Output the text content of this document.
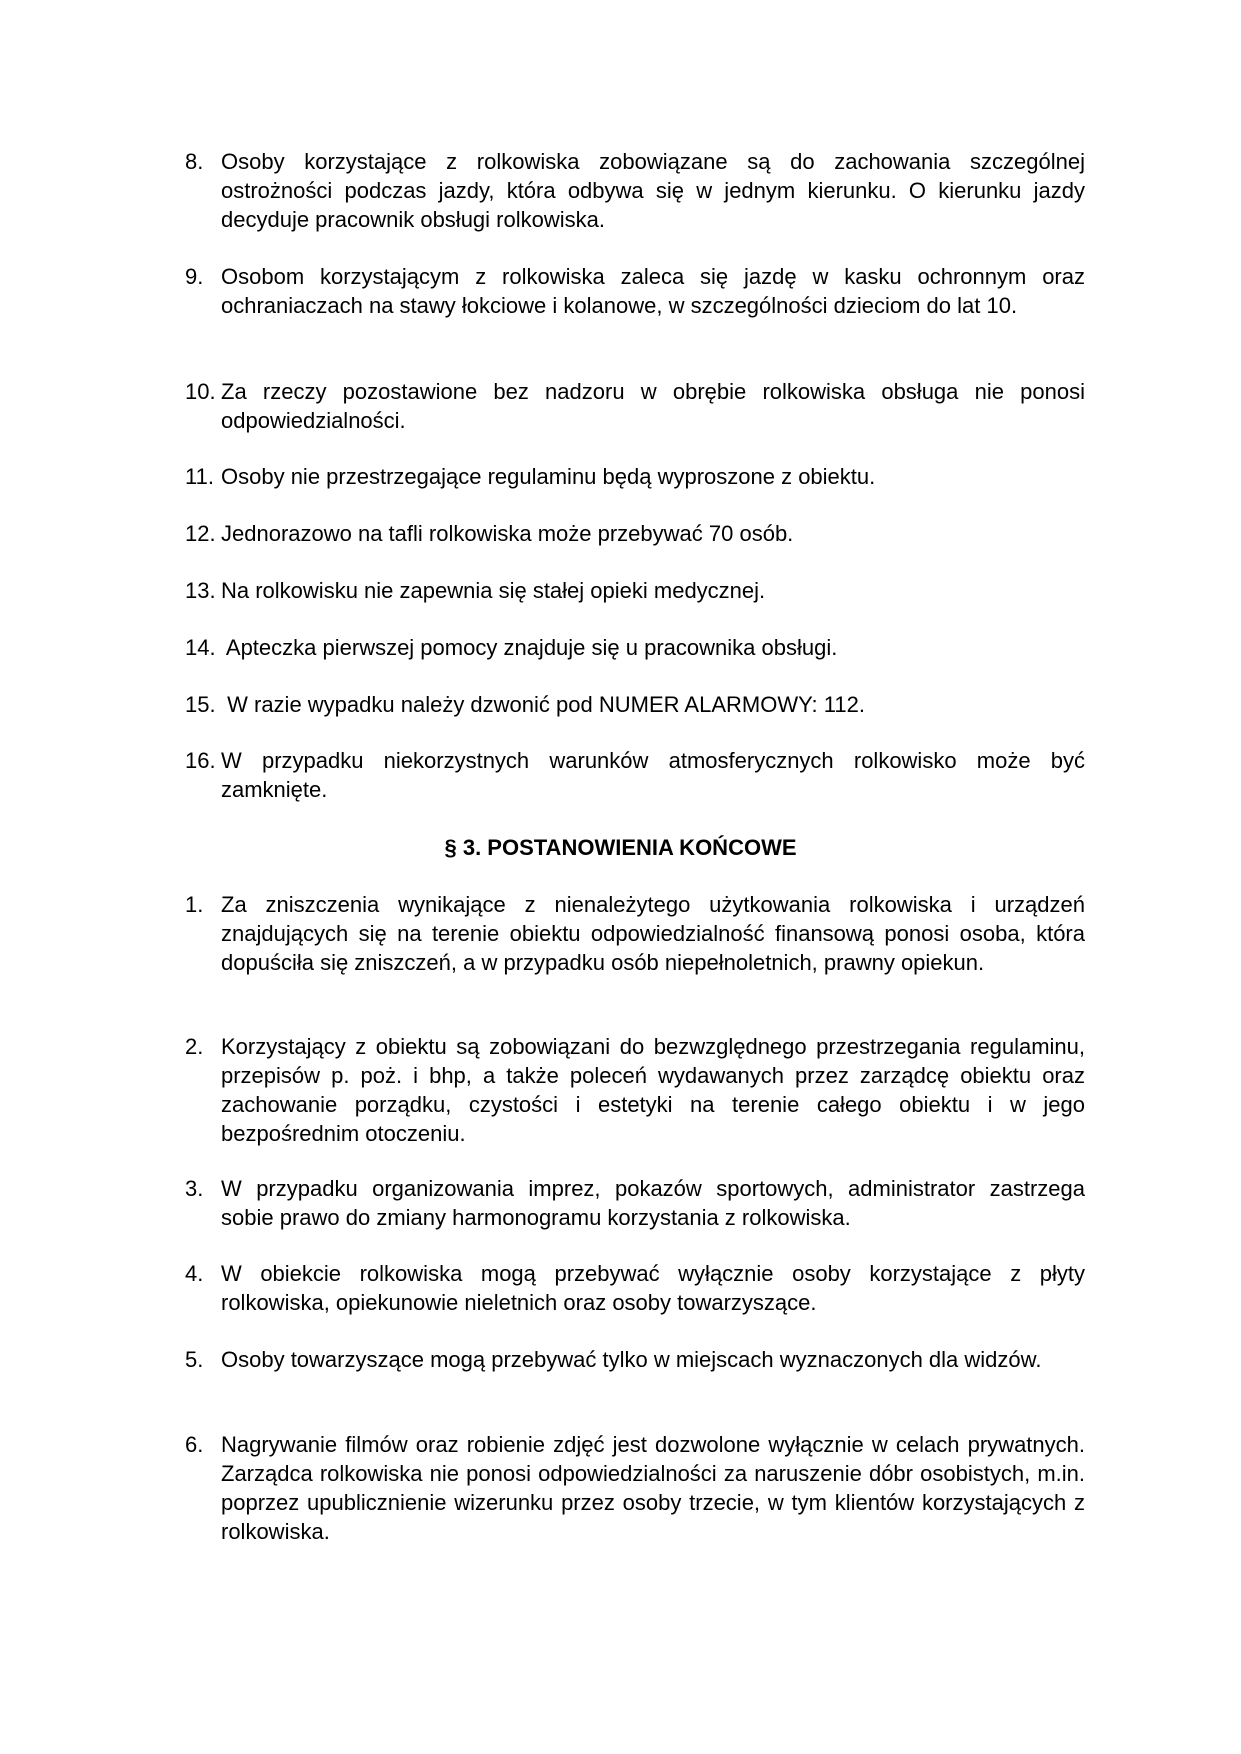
8. Osoby korzystające z rolkowiska zobowiązane są do zachowania szczególnej ostrożności podczas jazdy, która odbywa się w jednym kierunku. O kierunku jazdy decyduje pracownik obsługi rolkowiska.
9. Osobom korzystającym z rolkowiska zaleca się jazdę w kasku ochronnym oraz ochraniaczach na stawy łokciowe i kolanowe, w szczególności dzieciom do lat 10.
10. Za rzeczy pozostawione bez nadzoru w obrębie rolkowiska obsługa nie ponosi odpowiedzialności.
11. Osoby nie przestrzegające regulaminu będą wyproszone z obiektu.
12. Jednorazowo na tafli rolkowiska może przebywać 70 osób.
13. Na rolkowisku nie zapewnia się stałej opieki medycznej.
14. Apteczka pierwszej pomocy znajduje się u pracownika obsługi.
15. W razie wypadku należy dzwonić pod NUMER ALARMOWY: 112.
16. W przypadku niekorzystnych warunków atmosferycznych rolkowisko może być zamknięte.
§ 3. POSTANOWIENIA KOŃCOWE
1. Za zniszczenia wynikające z nienależytego użytkowania rolkowiska i urządzeń znajdujących się na terenie obiektu odpowiedzialność finansową ponosi osoba, która dopuściła się zniszczeń, a w przypadku osób niepełnoletnich, prawny opiekun.
2. Korzystający z obiektu są zobowiązani do bezwzględnego przestrzegania regulaminu, przepisów p. poż. i bhp, a także poleceń wydawanych przez zarządcę obiektu oraz zachowanie porządku, czystości i estetyki na terenie całego obiektu i w jego bezpośrednim otoczeniu.
3. W przypadku organizowania imprez, pokazów sportowych, administrator zastrzega sobie prawo do zmiany harmonogramu korzystania z rolkowiska.
4. W obiekcie rolkowiska mogą przebywać wyłącznie osoby korzystające z płyty rolkowiska, opiekunowie nieletnich oraz osoby towarzyszące.
5. Osoby towarzyszące mogą przebywać tylko w miejscach wyznaczonych dla widzów.
6. Nagrywanie filmów oraz robienie zdjęć jest dozwolone wyłącznie w celach prywatnych. Zarządca rolkowiska nie ponosi odpowiedzialności za naruszenie dóbr osobistych, m.in. poprzez upublicznienie wizerunku przez osoby trzecie, w tym klientów korzystających z rolkowiska.
